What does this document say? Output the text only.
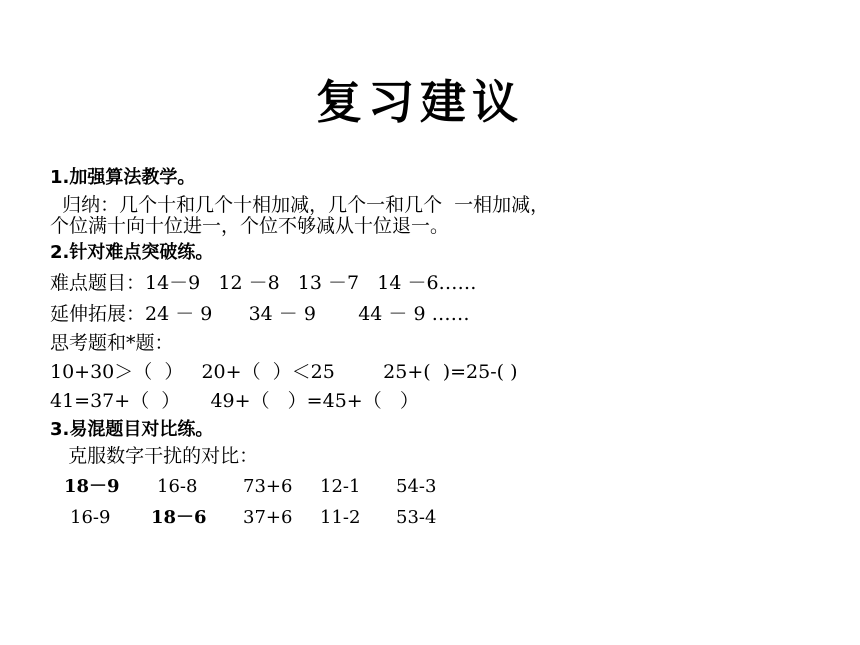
复习建议
1.加强算法教学。
归纳：几个十和几个十相加减，几个一和几个  一相加减，
个位满十向十位进一，个位不够减从十位退一。
2.针对难点突破练。
难点题目：14－9   12 －8   13 －7   14 －6……
延伸拓展：24 － 9      34 － 9       44 － 9 ……
思考题和*题：
10+30＞（  ）   20+（  ）＜25        25+(  )=25-( )
41=37+（  ）     49+（   ）=45+（   ）
3.易混题目对比练。
克服数字干扰的对比：
18－9 16-8	73+6 12-1 54-3
16-9 18－6 37+6 11-2 53-4
